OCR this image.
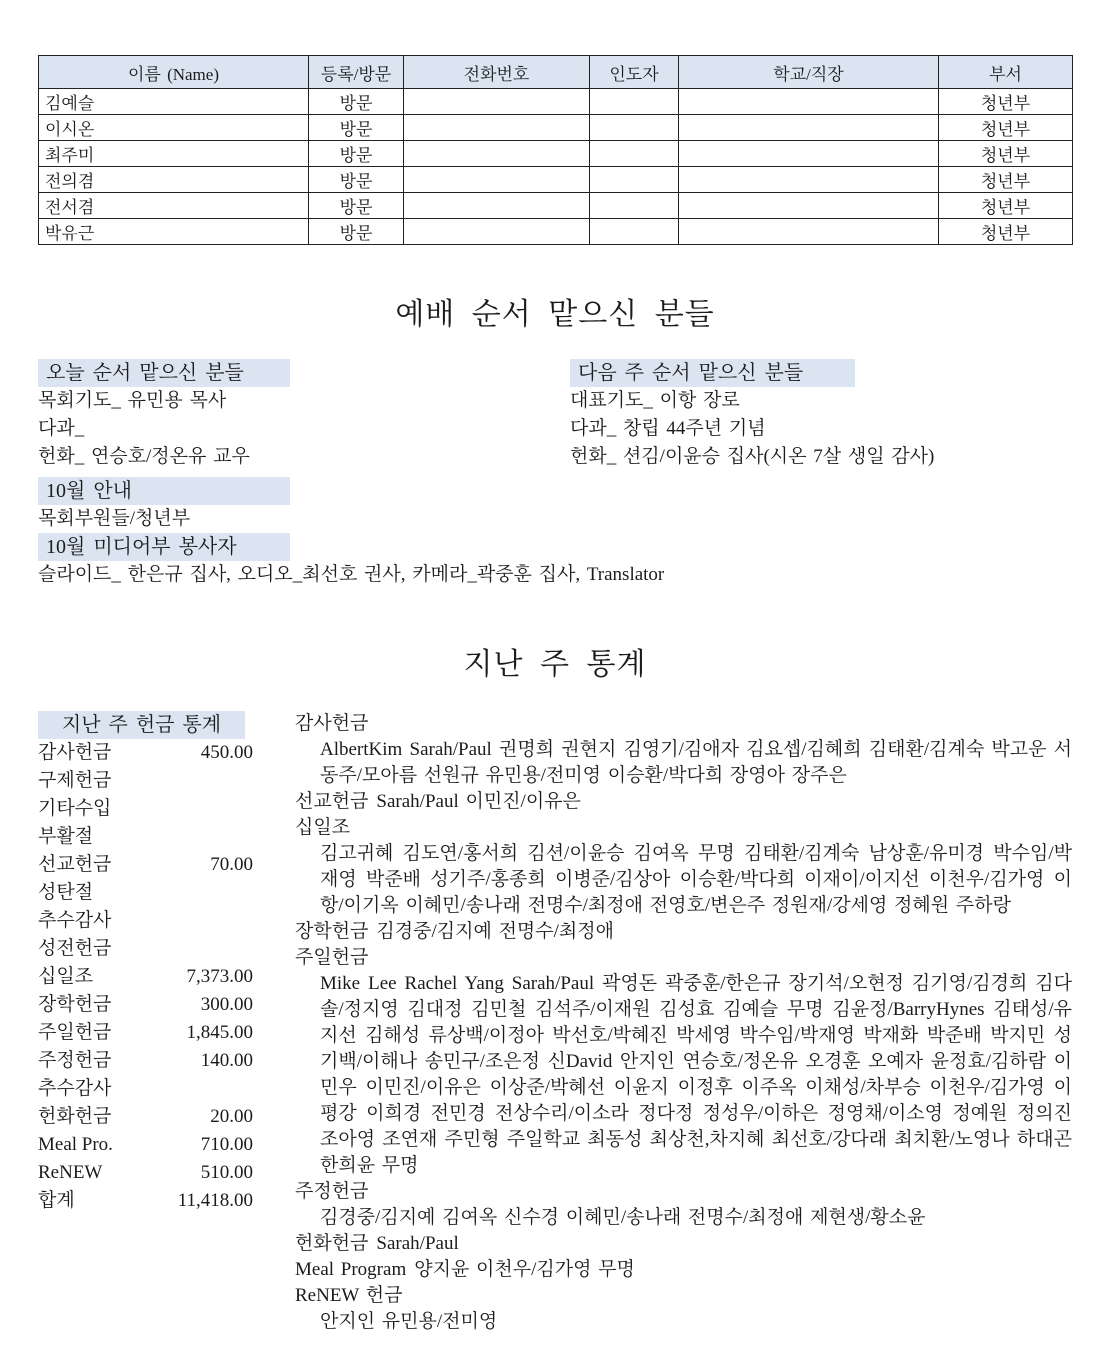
이름 (Name)	등록/방문	전화번호	인도자	학교/직장	부서
김예슬	방문				청년부
이시온	방문				청년부
최주미	방문				청년부
전의겸	방문				청년부
전서겸	방문				청년부
박유근	방문				청년부
예배 순서 맡으신 분들
오늘 순서 맡으신 분들
목회기도_ 유민용 목사
다과_
헌화_ 연승호/정온유 교우
다음 주 순서 맡으신 분들
대표기도_ 이항 장로
다과_ 창립 44주년 기념
헌화_ 션김/이윤승 집사(시온 7살 생일 감사)
10월 안내
목회부원들/청년부
10월 미디어부 봉사자
슬라이드_ 한은규 집사, 오디오_최선호 권사, 카메라_곽중훈 집사, Translator
지난 주 통계
지난 주 헌금 통계
감사헌금	450.00
구제헌금
기타수입
부활절
선교헌금	70.00
성탄절
추수감사
성전헌금
십일조	7,373.00
장학헌금	300.00
주일헌금	1,845.00
주정헌금	140.00
추수감사
헌화헌금	20.00
Meal Pro.	710.00
ReNEW	510.00
합계	11,418.00
감사헌금
AlbertKim Sarah/Paul 권명희 권현지 김영기/김애자 김요셉/김혜희 김태환/김계숙 박고운 서동주/모아름 선원규 유민용/전미영 이승환/박다희 장영아 장주은
선교헌금 Sarah/Paul 이민진/이유은
십일조
김고귀혜 김도연/홍서희 김션/이윤승 김여옥 무명 김태환/김계숙 남상훈/유미경 박수임/박재영 박준배 성기주/홍종희 이병준/김상아 이승환/박다희 이재이/이지선 이천우/김가영 이항/이기옥 이혜민/송나래 전명수/최정애 전영호/변은주 정원재/강세영 정혜원 주하랑
장학헌금 김경중/김지예 전명수/최정애
주일헌금
Mike Lee Rachel Yang Sarah/Paul 곽영돈 곽중훈/한은규 장기석/오현정 김기영/김경희 김다솔/정지영 김대정 김민철 김석주/이재원 김성효 김예슬 무명 김윤정/BarryHynes 김태성/유지선 김해성 류상백/이정아 박선호/박혜진 박세영 박수임/박재영 박재화 박준배 박지민 성기백/이해나 송민구/조은정 신David 안지인 연승호/정온유 오경훈 오예자 윤정효/김하람 이민우 이민진/이유은 이상준/박혜선 이윤지 이정후 이주옥 이채성/차부승 이천우/김가영 이평강 이희경 전민경 전상수리/이소라 정다정 정성우/이하은 정영채/이소영 정예원 정의진 조아영 조연재 주민형 주일학교 최동성 최상천,차지혜 최선호/강다래 최치환/노영나 하대곤 한희윤 무명
주정헌금
김경중/김지예 김여옥 신수경 이혜민/송나래 전명수/최정애 제현생/황소윤
헌화헌금 Sarah/Paul
Meal Program 양지윤 이천우/김가영 무명
ReNEW 헌금
안지인 유민용/전미영
